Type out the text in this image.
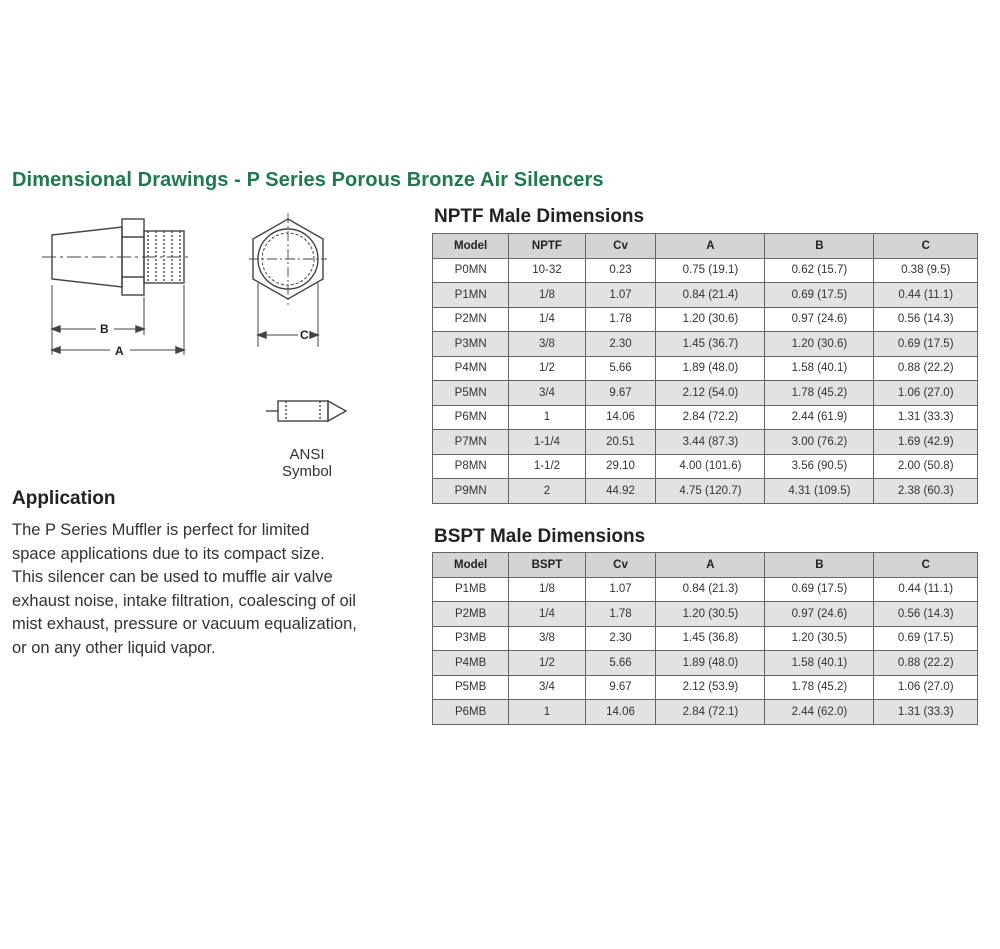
Dimensional Drawings - P Series Porous Bronze Air Silencers
B
A
C
ANSI
Symbol
Application
The P Series Muffler is perfect for limited
space applications due to its compact size.
This silencer can be used to muffle air valve
exhaust noise, intake filtration, coalescing of oil
mist exhaust, pressure or vacuum equalization,
or on any other liquid vapor.
NPTF Male Dimensions
Model	NPTF	Cv	A	B	C
P0MN	10-32	0.23	0.75 (19.1)	0.62 (15.7)	0.38 (9.5)
P1MN	1/8	1.07	0.84 (21.4)	0.69 (17.5)	0.44 (11.1)
P2MN	1/4	1.78	1.20 (30.6)	0.97 (24.6)	0.56 (14.3)
P3MN	3/8	2.30	1.45 (36.7)	1.20 (30.6)	0.69 (17.5)
P4MN	1/2	5.66	1.89 (48.0)	1.58 (40.1)	0.88 (22.2)
P5MN	3/4	9.67	2.12 (54.0)	1.78 (45.2)	1.06 (27.0)
P6MN	1	14.06	2.84 (72.2)	2.44 (61.9)	1.31 (33.3)
P7MN	1-1/4	20.51	3.44 (87.3)	3.00 (76.2)	1.69 (42.9)
P8MN	1-1/2	29.10	4.00 (101.6)	3.56 (90.5)	2.00 (50.8)
P9MN	2	44.92	4.75 (120.7)	4.31 (109.5)	2.38 (60.3)
BSPT Male Dimensions
Model	BSPT	Cv	A	B	C
P1MB	1/8	1.07	0.84 (21.3)	0.69 (17.5)	0.44 (11.1)
P2MB	1/4	1.78	1.20 (30.5)	0.97 (24.6)	0.56 (14.3)
P3MB	3/8	2.30	1.45 (36.8)	1.20 (30.5)	0.69 (17.5)
P4MB	1/2	5.66	1.89 (48.0)	1.58 (40.1)	0.88 (22.2)
P5MB	3/4	9.67	2.12 (53.9)	1.78 (45.2)	1.06 (27.0)
P6MB	1	14.06	2.84 (72.1)	2.44 (62.0)	1.31 (33.3)
